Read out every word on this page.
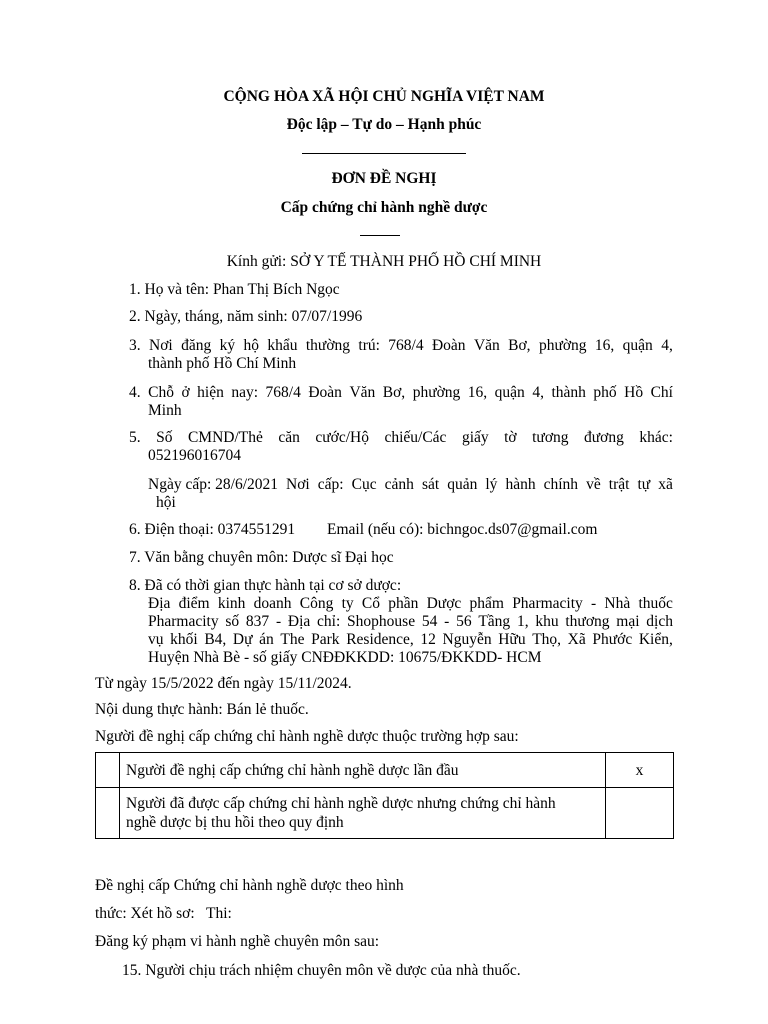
CỘNG HÒA XÃ HỘI CHỦ NGHĨA VIỆT NAM
Độc lập – Tự do – Hạnh phúc
ĐƠN ĐỀ NGHỊ
Cấp chứng chỉ hành nghề dược
Kính gửi: SỞ Y TẾ THÀNH PHỐ HỒ CHÍ MINH
1. Họ và tên: Phan Thị Bích Ngọc
2. Ngày, tháng, năm sinh: 07/07/1996
3. Nơi đăng ký hộ khẩu thường trú: 768/4 Đoàn Văn Bơ, phường 16, quận 4,
thành phố Hồ Chí Minh
4. Chỗ ở hiện nay: 768/4 Đoàn Văn Bơ, phường 16, quận 4, thành phố Hồ Chí
Minh
5. Số CMND/Thẻ căn cước/Hộ chiếu/Các giấy tờ tương đương khác:
052196016704
Ngày cấp: 28/6/2021 Nơi cấp: Cục cảnh sát quản lý hành chính về trật tự xã
hội
6. Điện thoại: 0374551291 Email (nếu có): bichngoc.ds07@gmail.com
7. Văn bằng chuyên môn: Dược sĩ Đại học
8. Đã có thời gian thực hành tại cơ sở dược:
Địa điểm kinh doanh Công ty Cổ phần Dược phẩm Pharmacity - Nhà thuốc
Pharmacity số 837 - Địa chỉ: Shophouse 54 - 56 Tầng 1, khu thương mại dịch
vụ khối B4, Dự án The Park Residence, 12 Nguyễn Hữu Thọ, Xã Phước Kiển,
Huyện Nhà Bè - số giấy CNĐĐKKDD: 10675/ĐKKDD- HCM
Từ ngày 15/5/2022 đến ngày 15/11/2024.
Nội dung thực hành: Bán lẻ thuốc.
Người đề nghị cấp chứng chỉ hành nghề dược thuộc trường hợp sau:
	Người đề nghị cấp chứng chỉ hành nghề dược lần đầu	x

	Người đã được cấp chứng chỉ hành nghề dược nhưng chứng chỉ hành
nghề dược bị thu hồi theo quy định	

Đề nghị cấp Chứng chỉ hành nghề dược theo hình
thức: Xét hồ sơ:   Thi:
Đăng ký phạm vi hành nghề chuyên môn sau:
15. Người chịu trách nhiệm chuyên môn về dược của nhà thuốc.
